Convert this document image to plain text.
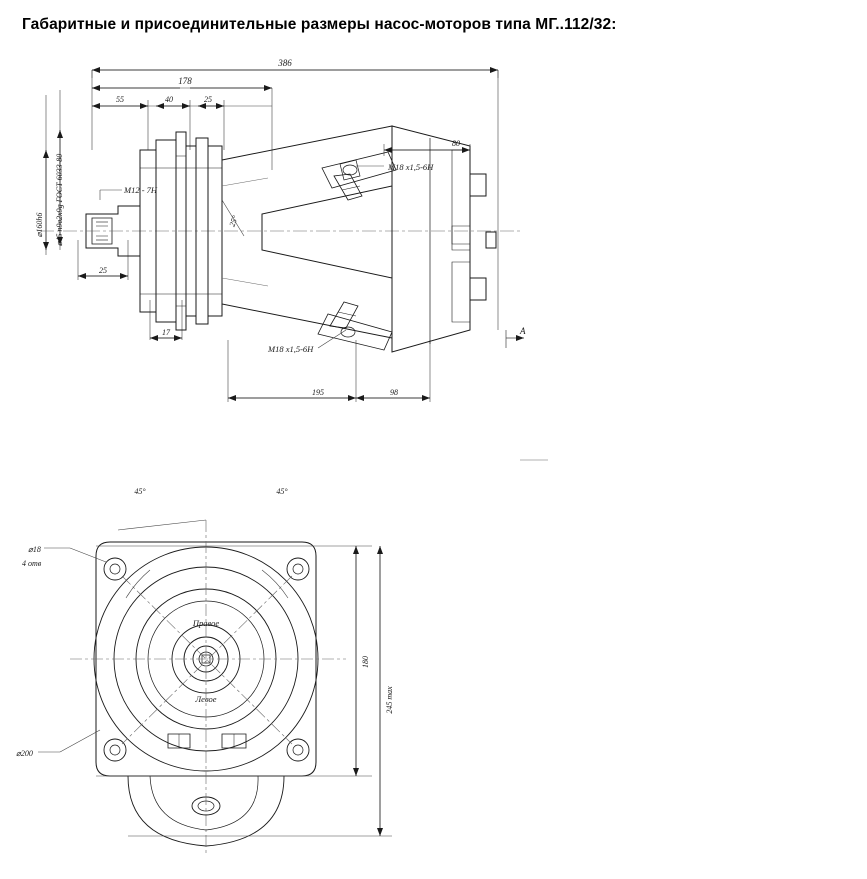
Габаритные и присоединительные размеры насос-моторов типа МГ..112/32:
386
178
55	40	25
25
17
80
195	98
25°
⌀45 n9в2х9g ГОСТ 6033-80
⌀160h6
M12 - 7H
M18 x1,5-6H
M18 x1,5-6H
A
45°	45°
180
245 max
⌀18
4 отв
⌀200
Правое
Левое
